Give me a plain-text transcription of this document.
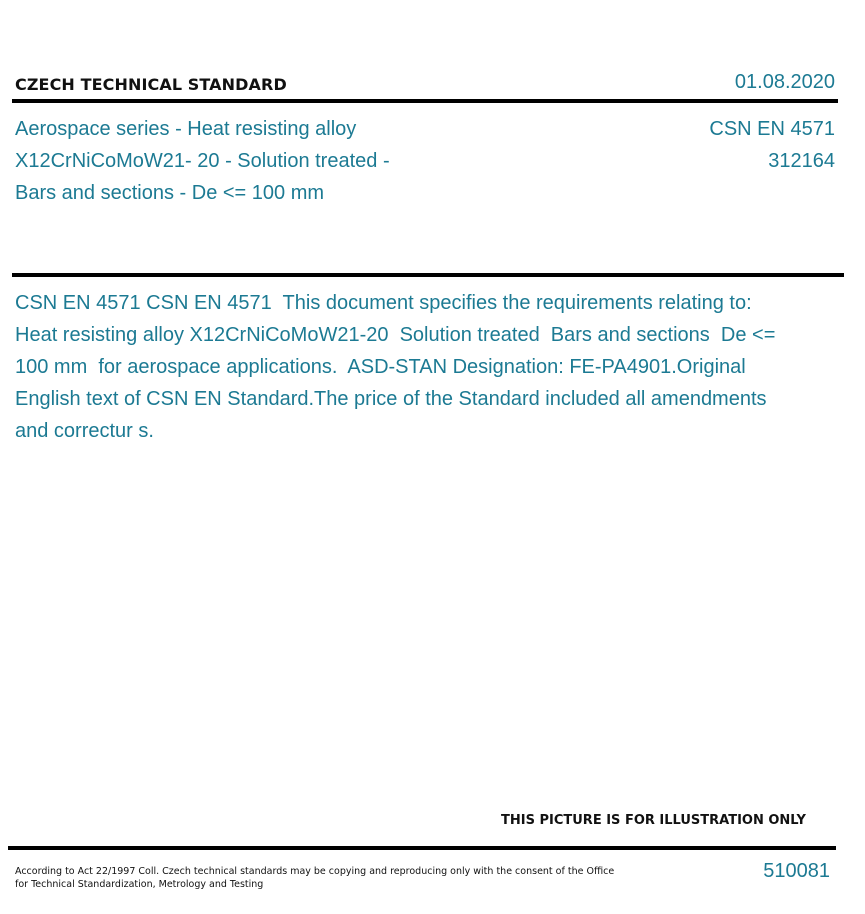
CZECH TECHNICAL STANDARD	01.08.2020
Aerospace series - Heat resisting alloy
X12CrNiCoMoW21- 20 - Solution treated -
Bars and sections - De <= 100 mm
CSN EN 4571
312164
CSN EN 4571 CSN EN 4571  This document specifies the requirements relating to:  Heat resisting alloy X12CrNiCoMoW21-20  Solution treated  Bars and sections  De <= 100 mm  for aerospace applications.  ASD-STAN Designation: FE-PA4901.Original English text of CSN EN Standard.The price of the Standard included all amendments and correctur s.
THIS PICTURE IS FOR ILLUSTRATION ONLY
According to Act 22/1997 Coll. Czech technical standards may be copying and reproducing only with the consent of the Office
for Technical Standardization, Metrology and Testing
510081
